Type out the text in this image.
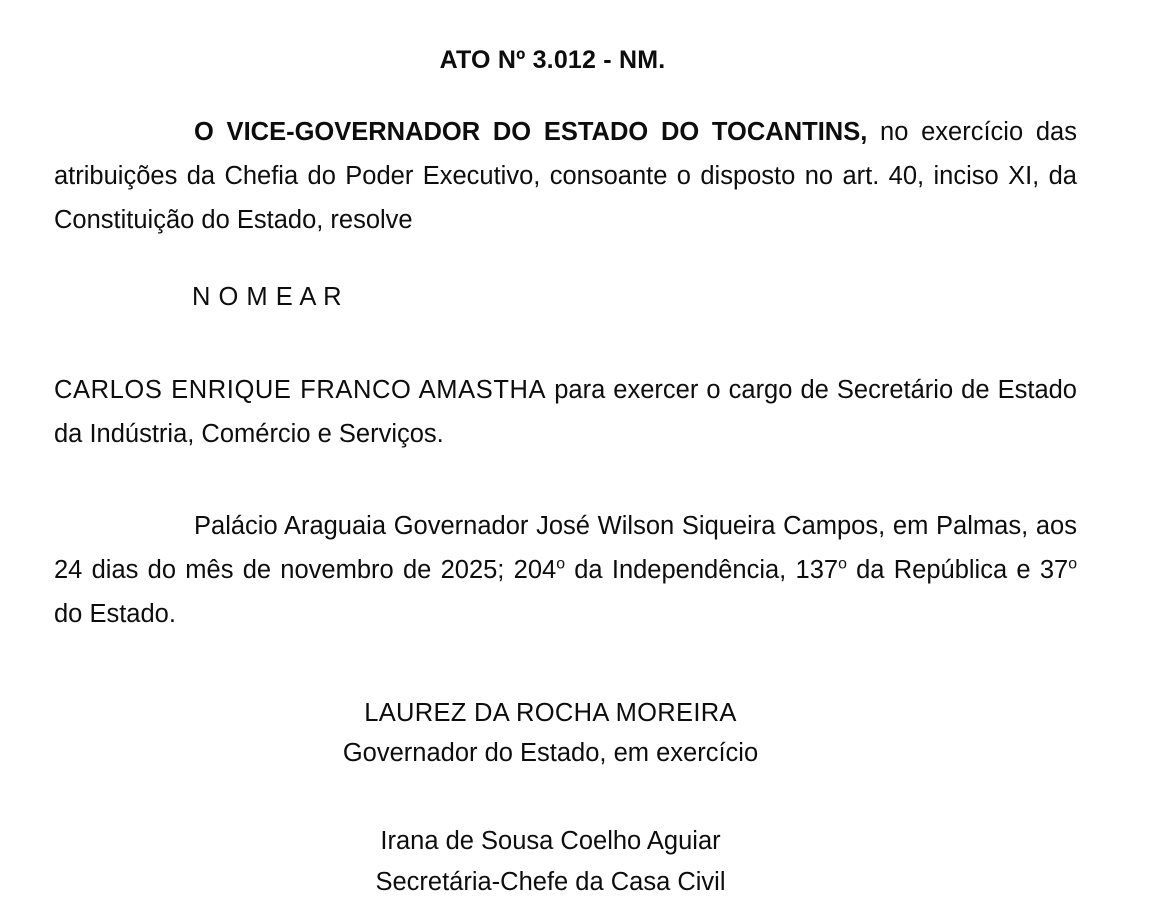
ATO Nº 3.012 - NM.

O VICE-GOVERNADOR DO ESTADO DO TOCANTINS, no exercício das atribuições da Chefia do Poder Executivo, consoante o disposto no art. 40, inciso XI, da Constituição do Estado, resolve

N O M E A R

CARLOS ENRIQUE FRANCO AMASTHA para exercer o cargo de Secretário de Estado da Indústria, Comércio e Serviços.

Palácio Araguaia Governador José Wilson Siqueira Campos, em Palmas, aos 24 dias do mês de novembro de 2025; 204$^o$ da Independência, 137$^o$ da República e 37$^o$ do Estado.

LAUREZ DA ROCHA MOREIRA

Governador do Estado, em exercício

Irana de Sousa Coelho Aguiar

Secretária-Chefe da Casa Civil
